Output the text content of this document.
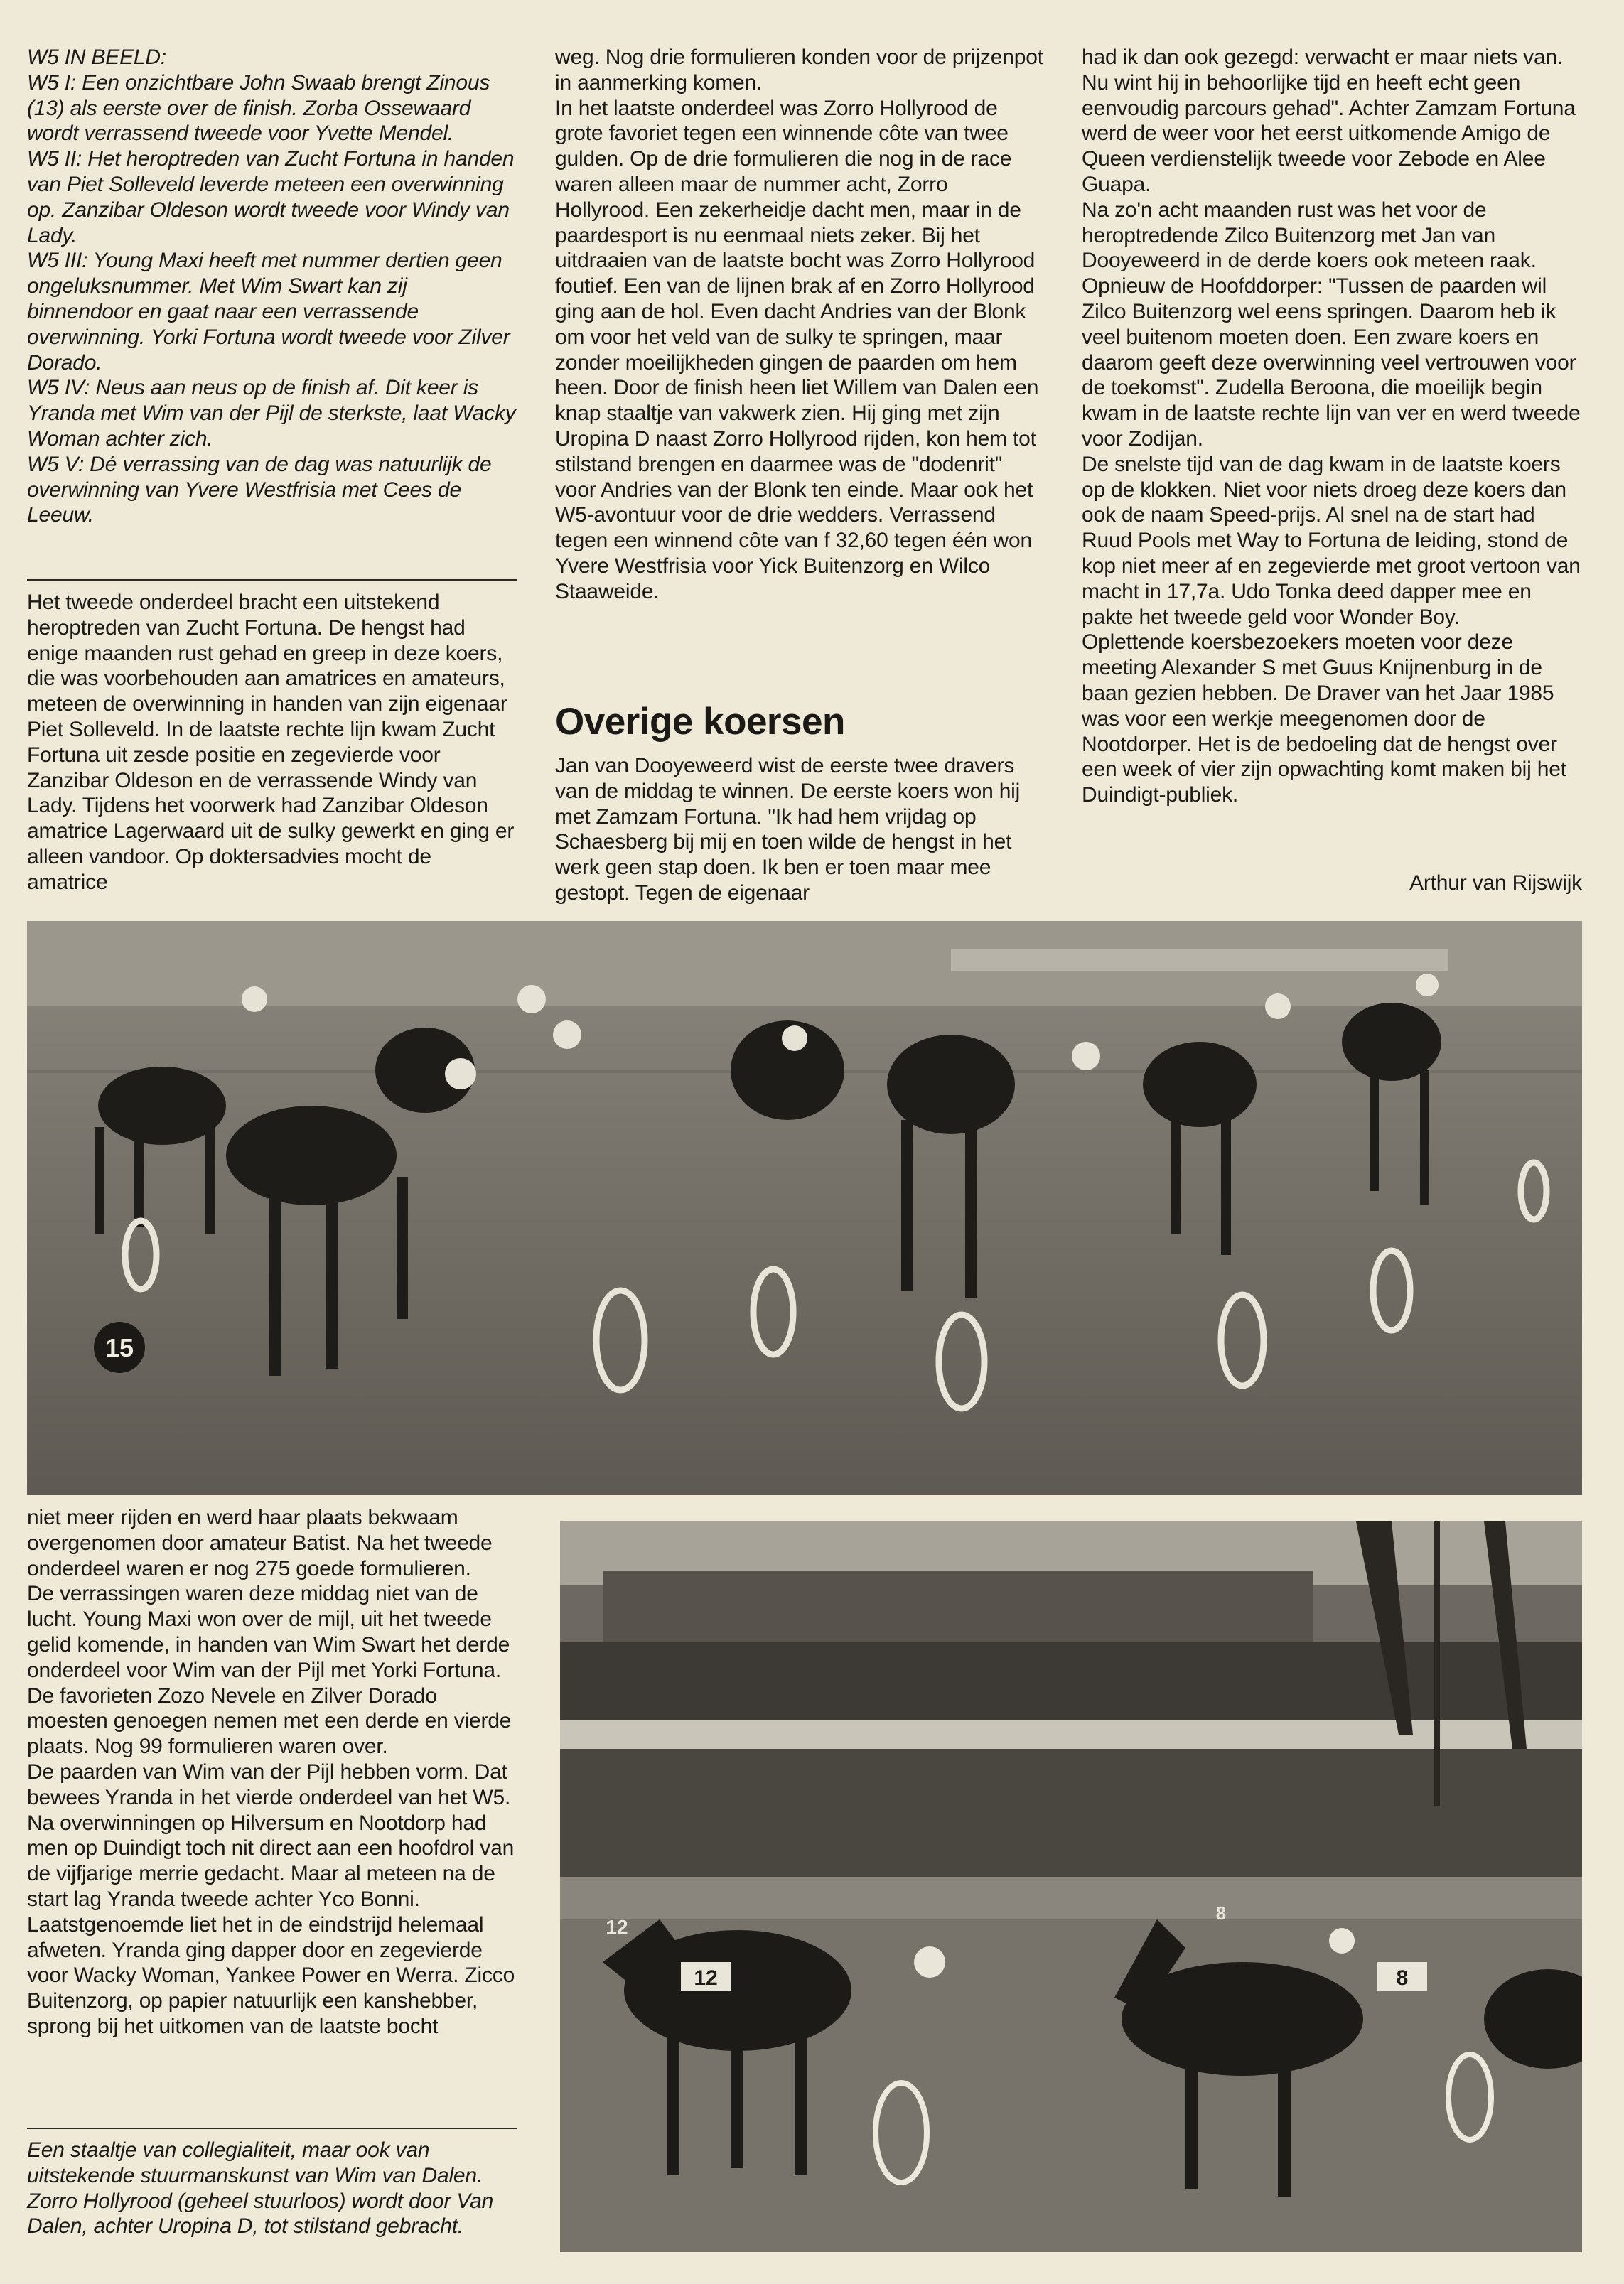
W5 IN BEELD:

W5 I: Een onzichtbare John Swaab brengt Zinous (13) als eerste over de finish. Zorba Ossewaard wordt verrassend tweede voor Yvette Mendel.

W5 II: Het heroptreden van Zucht Fortuna in handen van Piet Solleveld leverde meteen een overwinning op. Zanzibar Oldeson wordt tweede voor Windy van Lady.

W5 III: Young Maxi heeft met nummer dertien geen ongeluksnummer. Met Wim Swart kan zij binnendoor en gaat naar een verrassende overwinning. Yorki Fortuna wordt tweede voor Zilver Dorado.

W5 IV: Neus aan neus op de finish af. Dit keer is Yranda met Wim van der Pijl de sterkste, laat Wacky Woman achter zich.

W5 V: Dé verrassing van de dag was natuurlijk de overwinning van Yvere Westfrisia met Cees de Leeuw.

Het tweede onderdeel bracht een uitstekend heroptreden van Zucht Fortuna. De hengst had enige maanden rust gehad en greep in deze koers, die was voorbehouden aan amatrices en amateurs, meteen de overwinning in handen van zijn eigenaar Piet Solleveld. In de laatste rechte lijn kwam Zucht Fortuna uit zesde positie en zegevierde voor Zanzibar Oldeson en de verrassende Windy van Lady. Tijdens het voorwerk had Zanzibar Oldeson amatrice Lagerwaard uit de sulky gewerkt en ging er alleen vandoor. Op doktersadvies mocht de amatrice

weg. Nog drie formulieren konden voor de prijzenpot in aanmerking komen.

In het laatste onderdeel was Zorro Hollyrood de grote favoriet tegen een winnende côte van twee gulden. Op de drie formulieren die nog in de race waren alleen maar de nummer acht, Zorro Hollyrood. Een zekerheidje dacht men, maar in de paardesport is nu eenmaal niets zeker. Bij het uitdraaien van de laatste bocht was Zorro Hollyrood foutief. Een van de lijnen brak af en Zorro Hollyrood ging aan de hol. Even dacht Andries van der Blonk om voor het veld van de sulky te springen, maar zonder moeilijkheden gingen de paarden om hem heen. Door de finish heen liet Willem van Dalen een knap staaltje van vakwerk zien. Hij ging met zijn Uropina D naast Zorro Hollyrood rijden, kon hem tot stilstand brengen en daarmee was de "dodenrit" voor Andries van der Blonk ten einde. Maar ook het W5-avontuur voor de drie wedders. Verrassend tegen een winnend côte van f 32,60 tegen één won Yvere Westfrisia voor Yick Buitenzorg en Wilco Staaweide.

Overige koersen

Jan van Dooyeweerd wist de eerste twee dravers van de middag te winnen. De eerste koers won hij met Zamzam Fortuna. "Ik had hem vrijdag op Schaesberg bij mij en toen wilde de hengst in het werk geen stap doen. Ik ben er toen maar mee gestopt. Tegen de eigenaar

had ik dan ook gezegd: verwacht er maar niets van. Nu wint hij in behoorlijke tijd en heeft echt geen eenvoudig parcours gehad". Achter Zamzam Fortuna werd de weer voor het eerst uitkomende Amigo de Queen verdienstelijk tweede voor Zebode en Alee Guapa.

Na zo'n acht maanden rust was het voor de heroptredende Zilco Buitenzorg met Jan van Dooyeweerd in de derde koers ook meteen raak. Opnieuw de Hoofddorper: "Tussen de paarden wil Zilco Buitenzorg wel eens springen. Daarom heb ik veel buitenom moeten doen. Een zware koers en daarom geeft deze overwinning veel vertrouwen voor de toekomst". Zudella Beroona, die moeilijk begin kwam in de laatste rechte lijn van ver en werd tweede voor Zodijan.

De snelste tijd van de dag kwam in de laatste koers op de klokken. Niet voor niets droeg deze koers dan ook de naam Speed-prijs. Al snel na de start had Ruud Pools met Way to Fortuna de leiding, stond de kop niet meer af en zegevierde met groot vertoon van macht in 17,7a. Udo Tonka deed dapper mee en pakte het tweede geld voor Wonder Boy.

Oplettende koersbezoekers moeten voor deze meeting Alexander S met Guus Knijnenburg in de baan gezien hebben. De Draver van het Jaar 1985 was voor een werkje meegenomen door de Nootdorper. Het is de bedoeling dat de hengst over een week of vier zijn opwachting komt maken bij het Duindigt-publiek.

Arthur van Rijswijk
15

niet meer rijden en werd haar plaats bekwaam overgenomen door amateur Batist. Na het tweede onderdeel waren er nog 275 goede formulieren.

De verrassingen waren deze middag niet van de lucht. Young Maxi won over de mijl, uit het tweede gelid komende, in handen van Wim Swart het derde onderdeel voor Wim van der Pijl met Yorki Fortuna. De favorieten Zozo Nevele en Zilver Dorado moesten genoegen nemen met een derde en vierde plaats. Nog 99 formulieren waren over.

De paarden van Wim van der Pijl hebben vorm. Dat bewees Yranda in het vierde onderdeel van het W5. Na overwinningen op Hilversum en Nootdorp had men op Duindigt toch nit direct aan een hoofdrol van de vijfjarige merrie gedacht. Maar al meteen na de start lag Yranda tweede achter Yco Bonni. Laatstgenoemde liet het in de eindstrijd helemaal afweten. Yranda ging dapper door en zegevierde voor Wacky Woman, Yankee Power en Werra. Zicco Buitenzorg, op papier natuurlijk een kanshebber, sprong bij het uitkomen van de laatste bocht

Een staaltje van collegialiteit, maar ook van uitstekende stuurmanskunst van Wim van Dalen. Zorro Hollyrood (geheel stuurloos) wordt door Van Dalen, achter Uropina D, tot stilstand gebracht.
12
12
8
8
